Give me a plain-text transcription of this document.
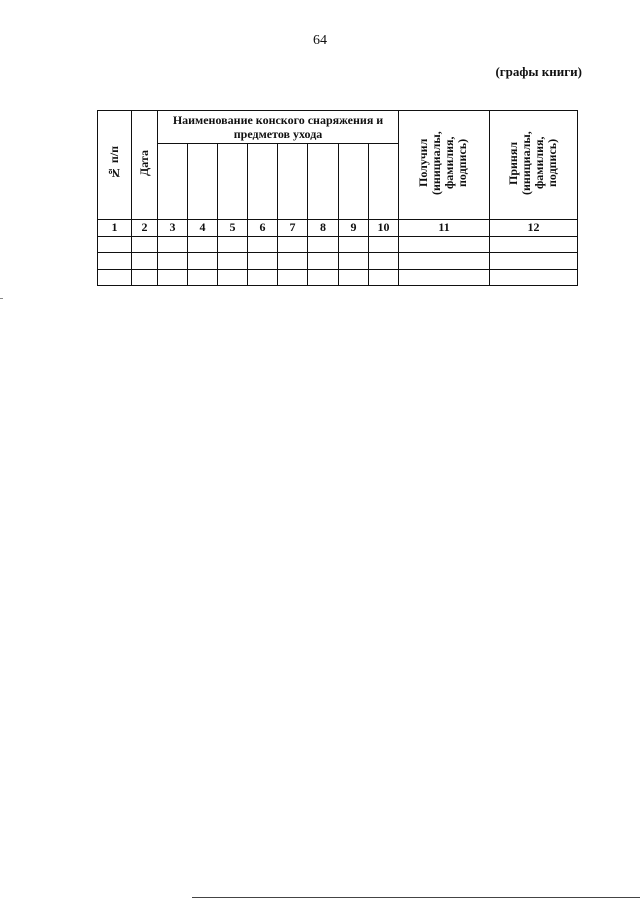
64
(графы книги)
№ п/п	Дата	Наименование конского снаряжения и предметов ухода								Получил (инициалы, фамилия, подпись)	Принял (инициалы, фамилия, подпись)

1	2	3	4	5	6	7	8	9	10	11	12
